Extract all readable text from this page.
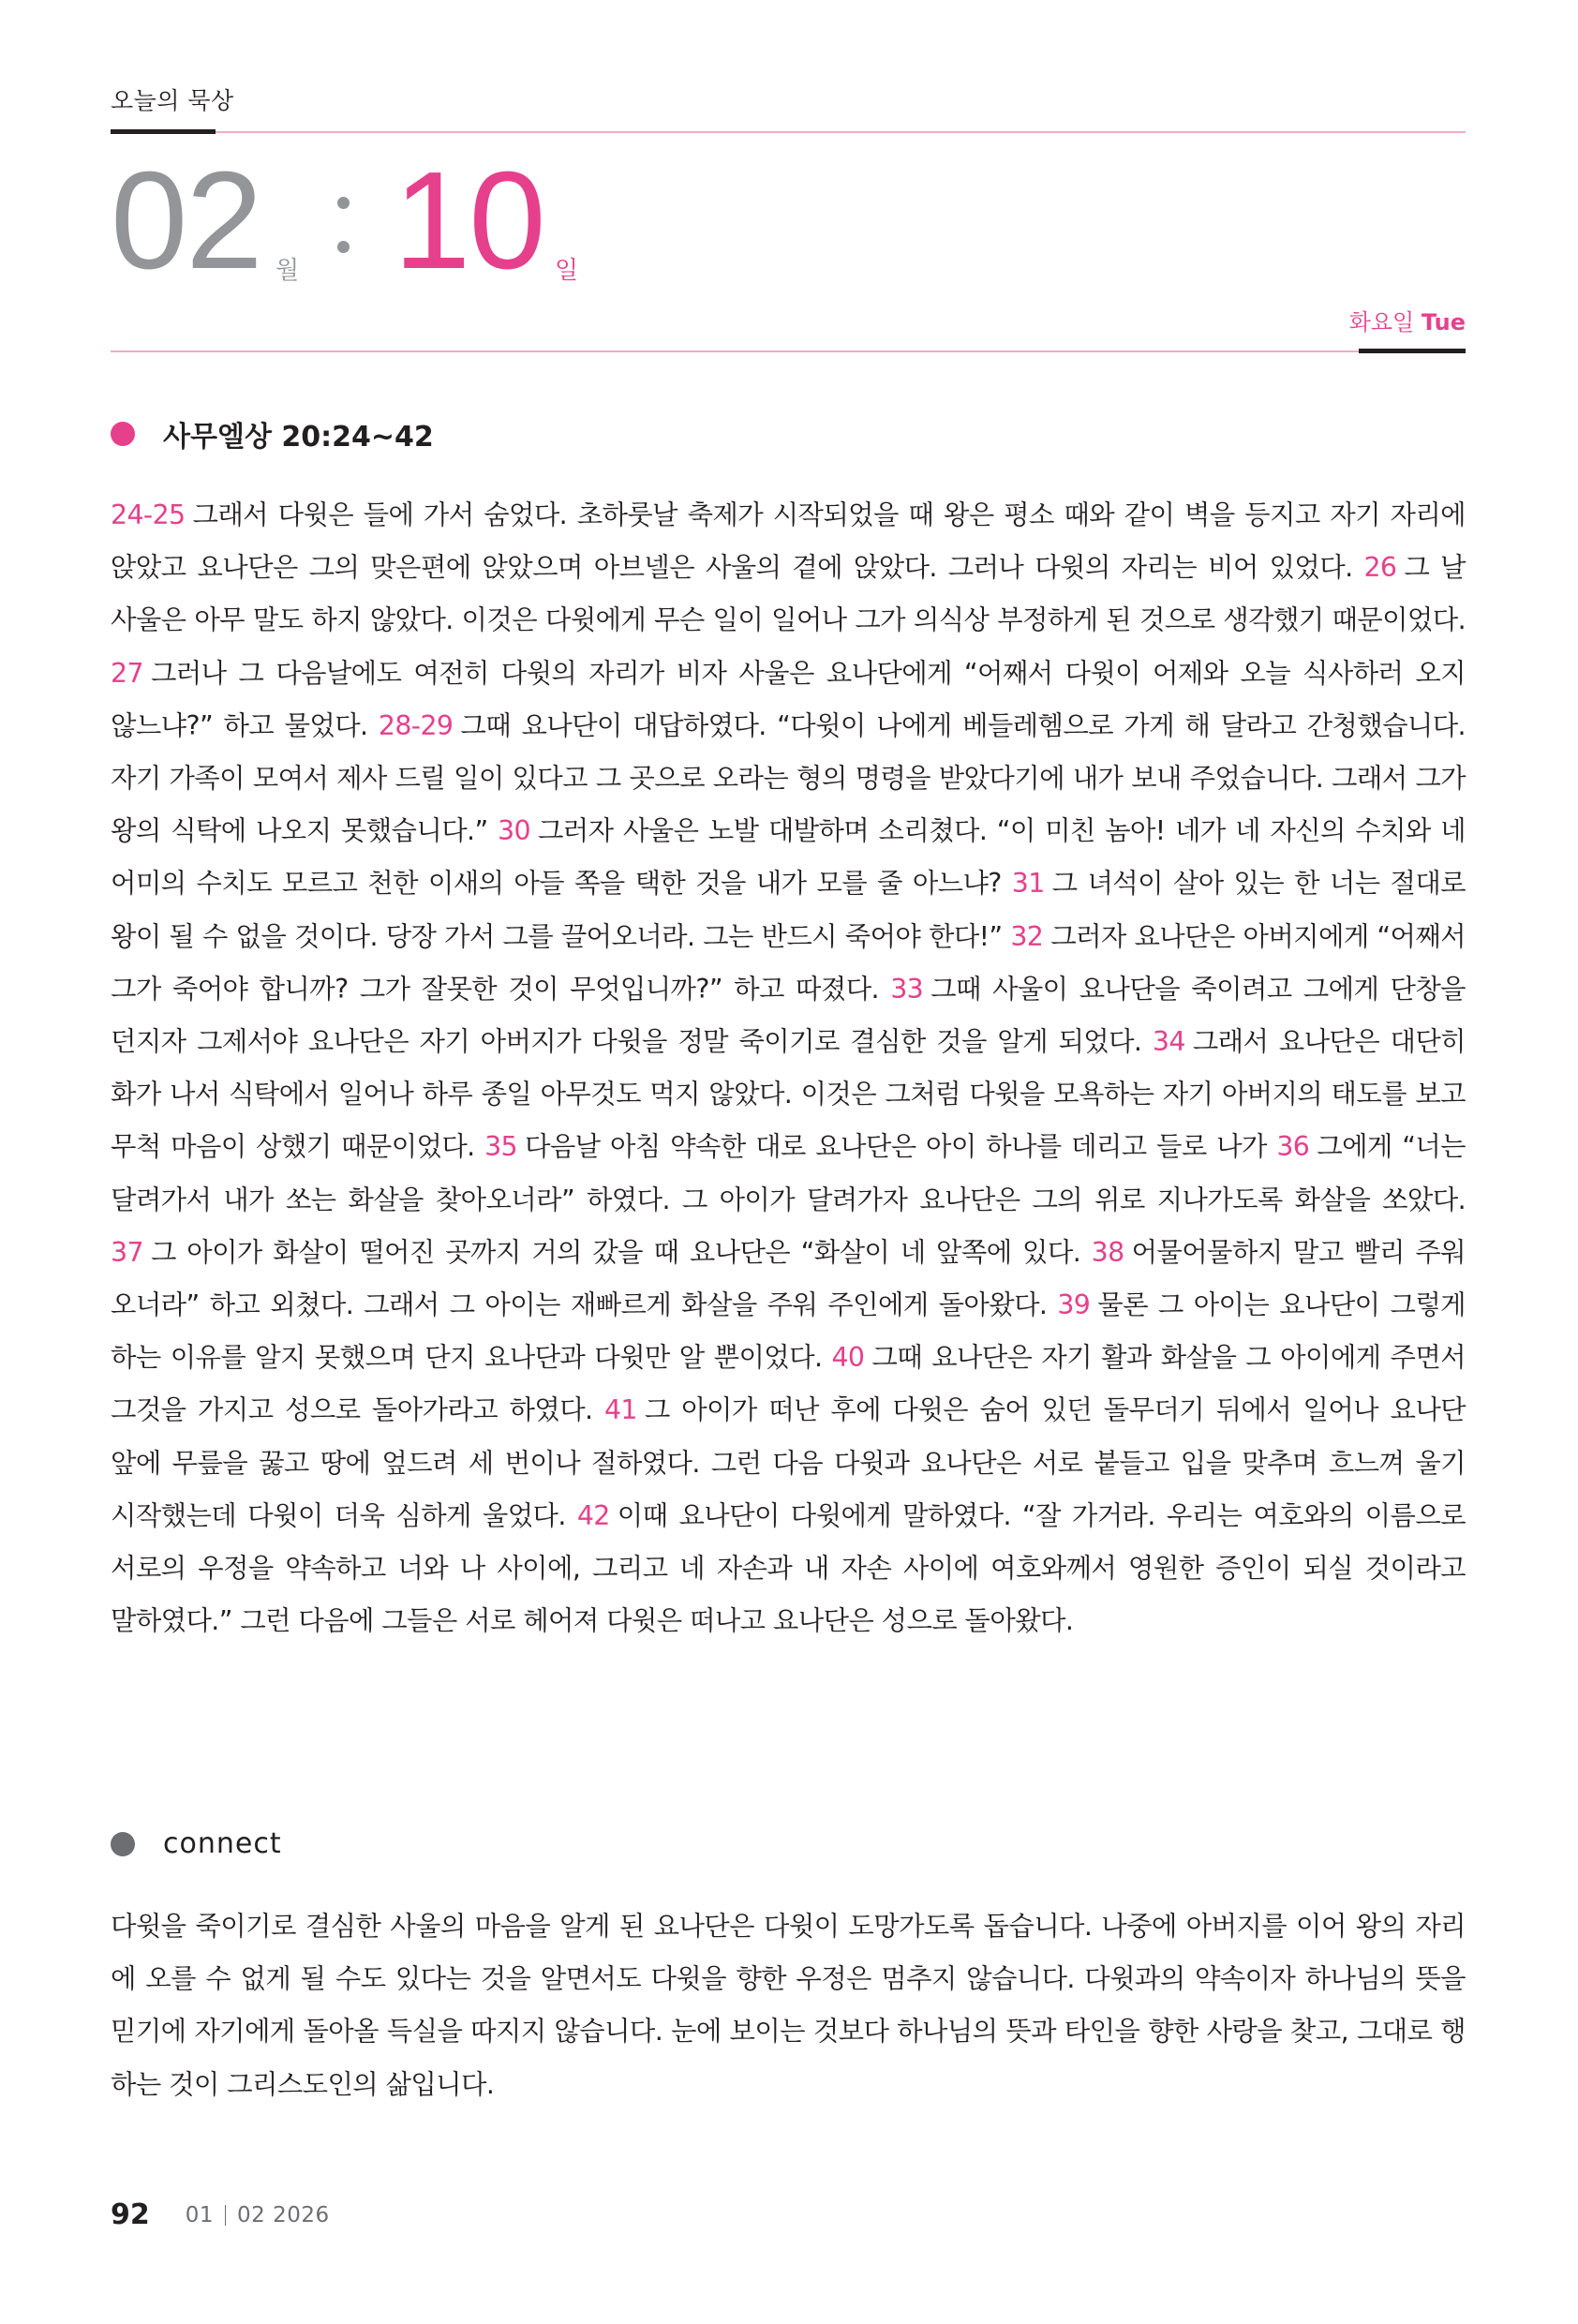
오늘의 묵상
02 월 10 일
화요일 Tue
사무엘상 20:24~42
24-25 그래서 다윗은 들에 가서 숨었다. 초하룻날 축제가 시작되었을 때 왕은 평소 때와 같이 벽을 등지고 자기 자리에 앉았고 요나단은 그의 맞은편에 앉았으며 아브넬은 사울의 곁에 앉았다. 그러나 다윗의 자리는 비어 있었다. 26 그 날 사울은 아무 말도 하지 않았다. 이것은 다윗에게 무슨 일이 일어나 그가 의식상 부정하게 된 것으로 생각했기 때문이었다. 27 그러나 그 다음날에도 여전히 다윗의 자리가 비자 사울은 요나단에게 “어째서 다윗이 어제와 오늘 식사하러 오지 않느냐?” 하고 물었다. 28-29 그때 요나단이 대답하였다. “다윗이 나에게 베들레헴으로 가게 해 달라고 간청했습니다. 자기 가족이 모여서 제사 드릴 일이 있다고 그 곳으로 오라는 형의 명령을 받았다기에 내가 보내 주었습니다. 그래서 그가 왕의 식탁에 나오지 못했습니다.” 30 그러자 사울은 노발 대발하며 소리쳤다. “이 미친 놈아! 네가 네 자신의 수치와 네 어미의 수치도 모르고 천한 이새의 아들 쪽을 택한 것을 내가 모를 줄 아느냐? 31 그 녀석이 살아 있는 한 너는 절대로 왕이 될 수 없을 것이다. 당장 가서 그를 끌어오너라. 그는 반드시 죽어야 한다!” 32 그러자 요나단은 아버지에게 “어째서 그가 죽어야 합니까? 그가 잘못한 것이 무엇입니까?” 하고 따졌다. 33 그때 사울이 요나단을 죽이려고 그에게 단창을 던지자 그제서야 요나단은 자기 아버지가 다윗을 정말 죽이기로 결심한 것을 알게 되었다. 34 그래서 요나단은 대단히 화가 나서 식탁에서 일어나 하루 종일 아무것도 먹지 않았다. 이것은 그처럼 다윗을 모욕하는 자기 아버지의 태도를 보고 무척 마음이 상했기 때문이었다. 35 다음날 아침 약속한 대로 요나단은 아이 하나를 데리고 들로 나가 36 그에게 “너는 달려가서 내가 쏘는 화살을 찾아오너라” 하였다. 그 아이가 달려가자 요나단은 그의 위로 지나가도록 화살을 쏘았다. 37 그 아이가 화살이 떨어진 곳까지 거의 갔을 때 요나단은 “화살이 네 앞쪽에 있다. 38 어물어물하지 말고 빨리 주워 오너라” 하고 외쳤다. 그래서 그 아이는 재빠르게 화살을 주워 주인에게 돌아왔다. 39 물론 그 아이는 요나단이 그렇게 하는 이유를 알지 못했으며 단지 요나단과 다윗만 알 뿐이었다. 40 그때 요나단은 자기 활과 화살을 그 아이에게 주면서 그것을 가지고 성으로 돌아가라고 하였다. 41 그 아이가 떠난 후에 다윗은 숨어 있던 돌무더기 뒤에서 일어나 요나단 앞에 무릎을 꿇고 땅에 엎드려 세 번이나 절하였다. 그런 다음 다윗과 요나단은 서로 붙들고 입을 맞추며 흐느껴 울기 시작했는데 다윗이 더욱 심하게 울었다. 42 이때 요나단이 다윗에게 말하였다. “잘 가거라. 우리는 여호와의 이름으로 서로의 우정을 약속하고 너와 나 사이에, 그리고 네 자손과 내 자손 사이에 여호와께서 영원한 증인이 되실 것이라고 말하였다.” 그런 다음에 그들은 서로 헤어져 다윗은 떠나고 요나단은 성으로 돌아왔다.
connect
다윗을 죽이기로 결심한 사울의 마음을 알게 된 요나단은 다윗이 도망가도록 돕습니다. 나중에 아버지를 이어 왕의 자리에 오를 수 없게 될 수도 있다는 것을 알면서도 다윗을 향한 우정은 멈추지 않습니다. 다윗과의 약속이자 하나님의 뜻을 믿기에 자기에게 돌아올 득실을 따지지 않습니다. 눈에 보이는 것보다 하나님의 뜻과 타인을 향한 사랑을 찾고, 그대로 행하는 것이 그리스도인의 삶입니다.
92 01 02 2026
